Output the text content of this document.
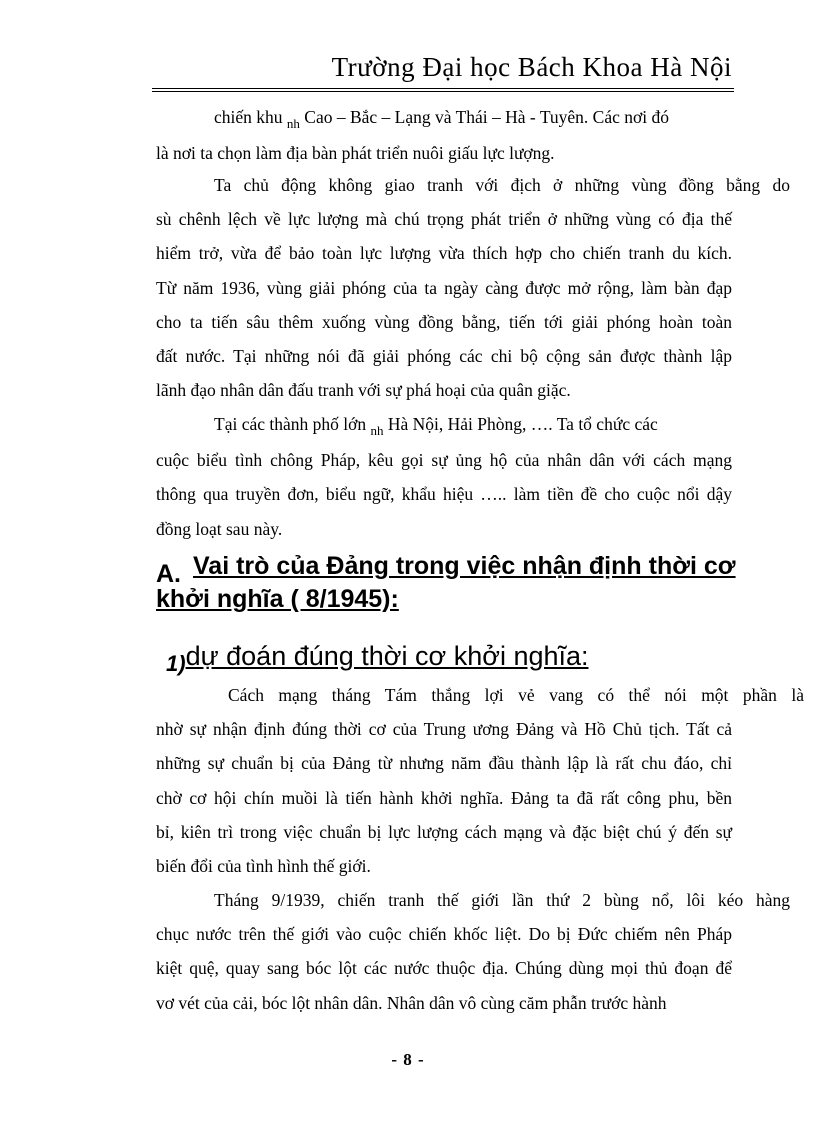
Trường Đại học Bách Khoa Hà Nội
chiến khu $_{nh}$ Cao – Bắc – Lạng và Thái – Hà - Tuyên. Các nơi đó
là nơi ta chọn làm địa bàn phát triển nuôi giấu lực lượng.
Ta chủ động không giao tranh với địch ở những vùng đồng bằng do
sù chênh lệch về lực lượng mà chú trọng phát triển ở những vùng có địa thế
hiểm trở, vừa để bảo toàn lực lượng vừa thích hợp cho chiến tranh du kích.
Từ năm 1936, vùng giải phóng của ta ngày càng được mở rộng, làm bàn đạp
cho ta tiến sâu thêm xuống vùng đồng bằng, tiến tới giải phóng hoàn toàn
đất nước. Tại những nói đã giải phóng các chi bộ cộng sản được thành lập
lãnh đạo nhân dân đấu tranh với sự phá hoại của quân giặc.
Tại các thành phố lớn $_{nh}$ Hà Nội, Hải Phòng, …. Ta tổ chức các
cuộc biểu tình chông Pháp, kêu gọi sự ủng hộ của nhân dân với cách mạng
thông qua truyền đơn, biểu ngữ, khẩu hiệu ….. làm tiền đề cho cuộc nổi dậy
đồng loạt sau này.
A. Vai trò của Đảng trong việc nhận định thời cơ
khởi nghĩa ( 8/1945):
$_{1)}$dự đoán đúng thời cơ khởi nghĩa:
Cách mạng tháng Tám thắng lợi vẻ vang có thể nói một phần là
nhờ sự nhận định đúng thời cơ của Trung ương Đảng và Hồ Chủ tịch. Tất cả
những sự chuẩn bị của Đảng từ nhưng năm đầu thành lập là rất chu đáo, chỉ
chờ cơ hội chín muồi là tiến hành khởi nghĩa. Đảng ta đã rất công phu, bền
bỉ, kiên trì trong việc chuẩn bị lực lượng cách mạng và đặc biệt chú ý đến sự
biến đổi của tình hình thế giới.
Tháng 9/1939, chiến tranh thế giới lần thứ 2 bùng nổ, lôi kéo hàng
chục nước trên thế giới vào cuộc chiến khốc liệt. Do bị Đức chiếm nên Pháp
kiệt quệ, quay sang bóc lột các nước thuộc địa. Chúng dùng mọi thủ đoạn để
vơ vét của cải, bóc lột nhân dân. Nhân dân vô cùng căm phẫn trước hành
- 8 -
